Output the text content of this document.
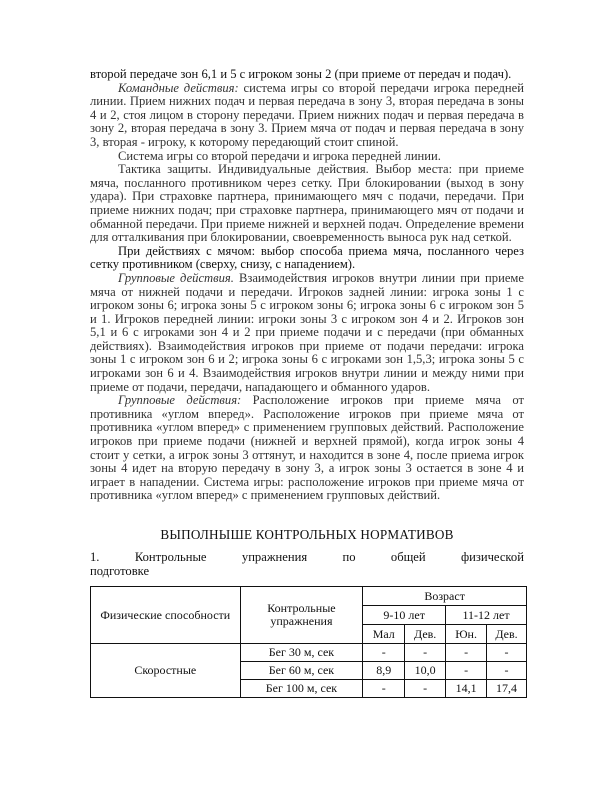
второй передаче зон 6,1 и 5 с игроком зоны 2 (при приеме от передач и подач).

Командные действия: система игры со второй передачи игрока передней линии. Прием нижних подач и первая передача в зону 3, вторая передача в зоны 4 и 2, стоя лицом в сторону передачи. Прием нижних подач и первая передача в зону 2, вторая передача в зону 3. Прием мяча от подач и первая передача в зону 3, вторая - игроку, к которому передающий стоит спиной.

Система игры со второй передачи и игрока передней линии.

Тактика защиты. Индивидуальные действия. Выбор места: при приеме мяча, посланного противником через сетку. При блокировании (выход в зону удара). При страховке партнера, принимающего мяч с подачи, передачи. При приеме нижних подач; при страховке партнера, принимающего мяч от подачи и обманной передачи. При приеме нижней и верхней подач. Определение времени для отталкивания при блокировании, своевременность выноса рук над сеткой.

При действиях с мячом: выбор способа приема мяча, посланного через сетку противником (сверху, снизу, с нападением).

Групповые действия. Взаимодействия игроков внутри линии при приеме мяча от нижней подачи и передачи. Игроков задней линии: игрока зоны 1 с игроком зоны 6; игрока зоны 5 с игроком зоны 6; игрока зоны 6 с игроком зон 5 и 1. Игроков передней линии: игроки зоны 3 с игроком зон 4 и 2. Игроков зон 5,1 и 6 с игроками зон 4 и 2 при приеме подачи и с передачи (при обманных действиях). Взаимодействия игроков при приеме от подачи передачи: игрока зоны 1 с игроком зон 6 и 2; игрока зоны 6 с игроками зон 1,5,3; игрока зоны 5 с игроками зон 6 и 4. Взаимодействия игроков внутри линии и между ними при приеме от подачи, передачи, нападающего и обманного ударов.

Групповые действия: Расположение игроков при приеме мяча от противника «углом вперед». Расположение игроков при приеме мяча от противника «углом вперед» с применением групповых действий. Расположение игроков при приеме подачи (нижней и верхней прямой), когда игрок зоны 4 стоит у сетки, а игрок зоны 3 оттянут, и находится в зоне 4, после приема игрок зоны 4 идет на вторую передачу в зону 3, а игрок зоны 3 остается в зоне 4 и играет в нападении. Система игры: расположение игроков при приеме мяча от противника «углом вперед» с применением групповых действий.

ВЫПОЛНЫШЕ КОНТРОЛЬНЫХ НОРМАТИВОВ
1.	Контрольные	упражнения	по	общей	физической
подготовке
Физические способности	Контрольные упражнения	Возраст			
		9-10 лет		11-12 лет	
		Мал	Дев.	Юн.	Дев.
Скоростные	Бег 30 м, сек	-	-	-	-
	Бег 60 м, сек	8,9	10,0	-	-
	Бег 100 м, сек	-	-	14,1	17,4
